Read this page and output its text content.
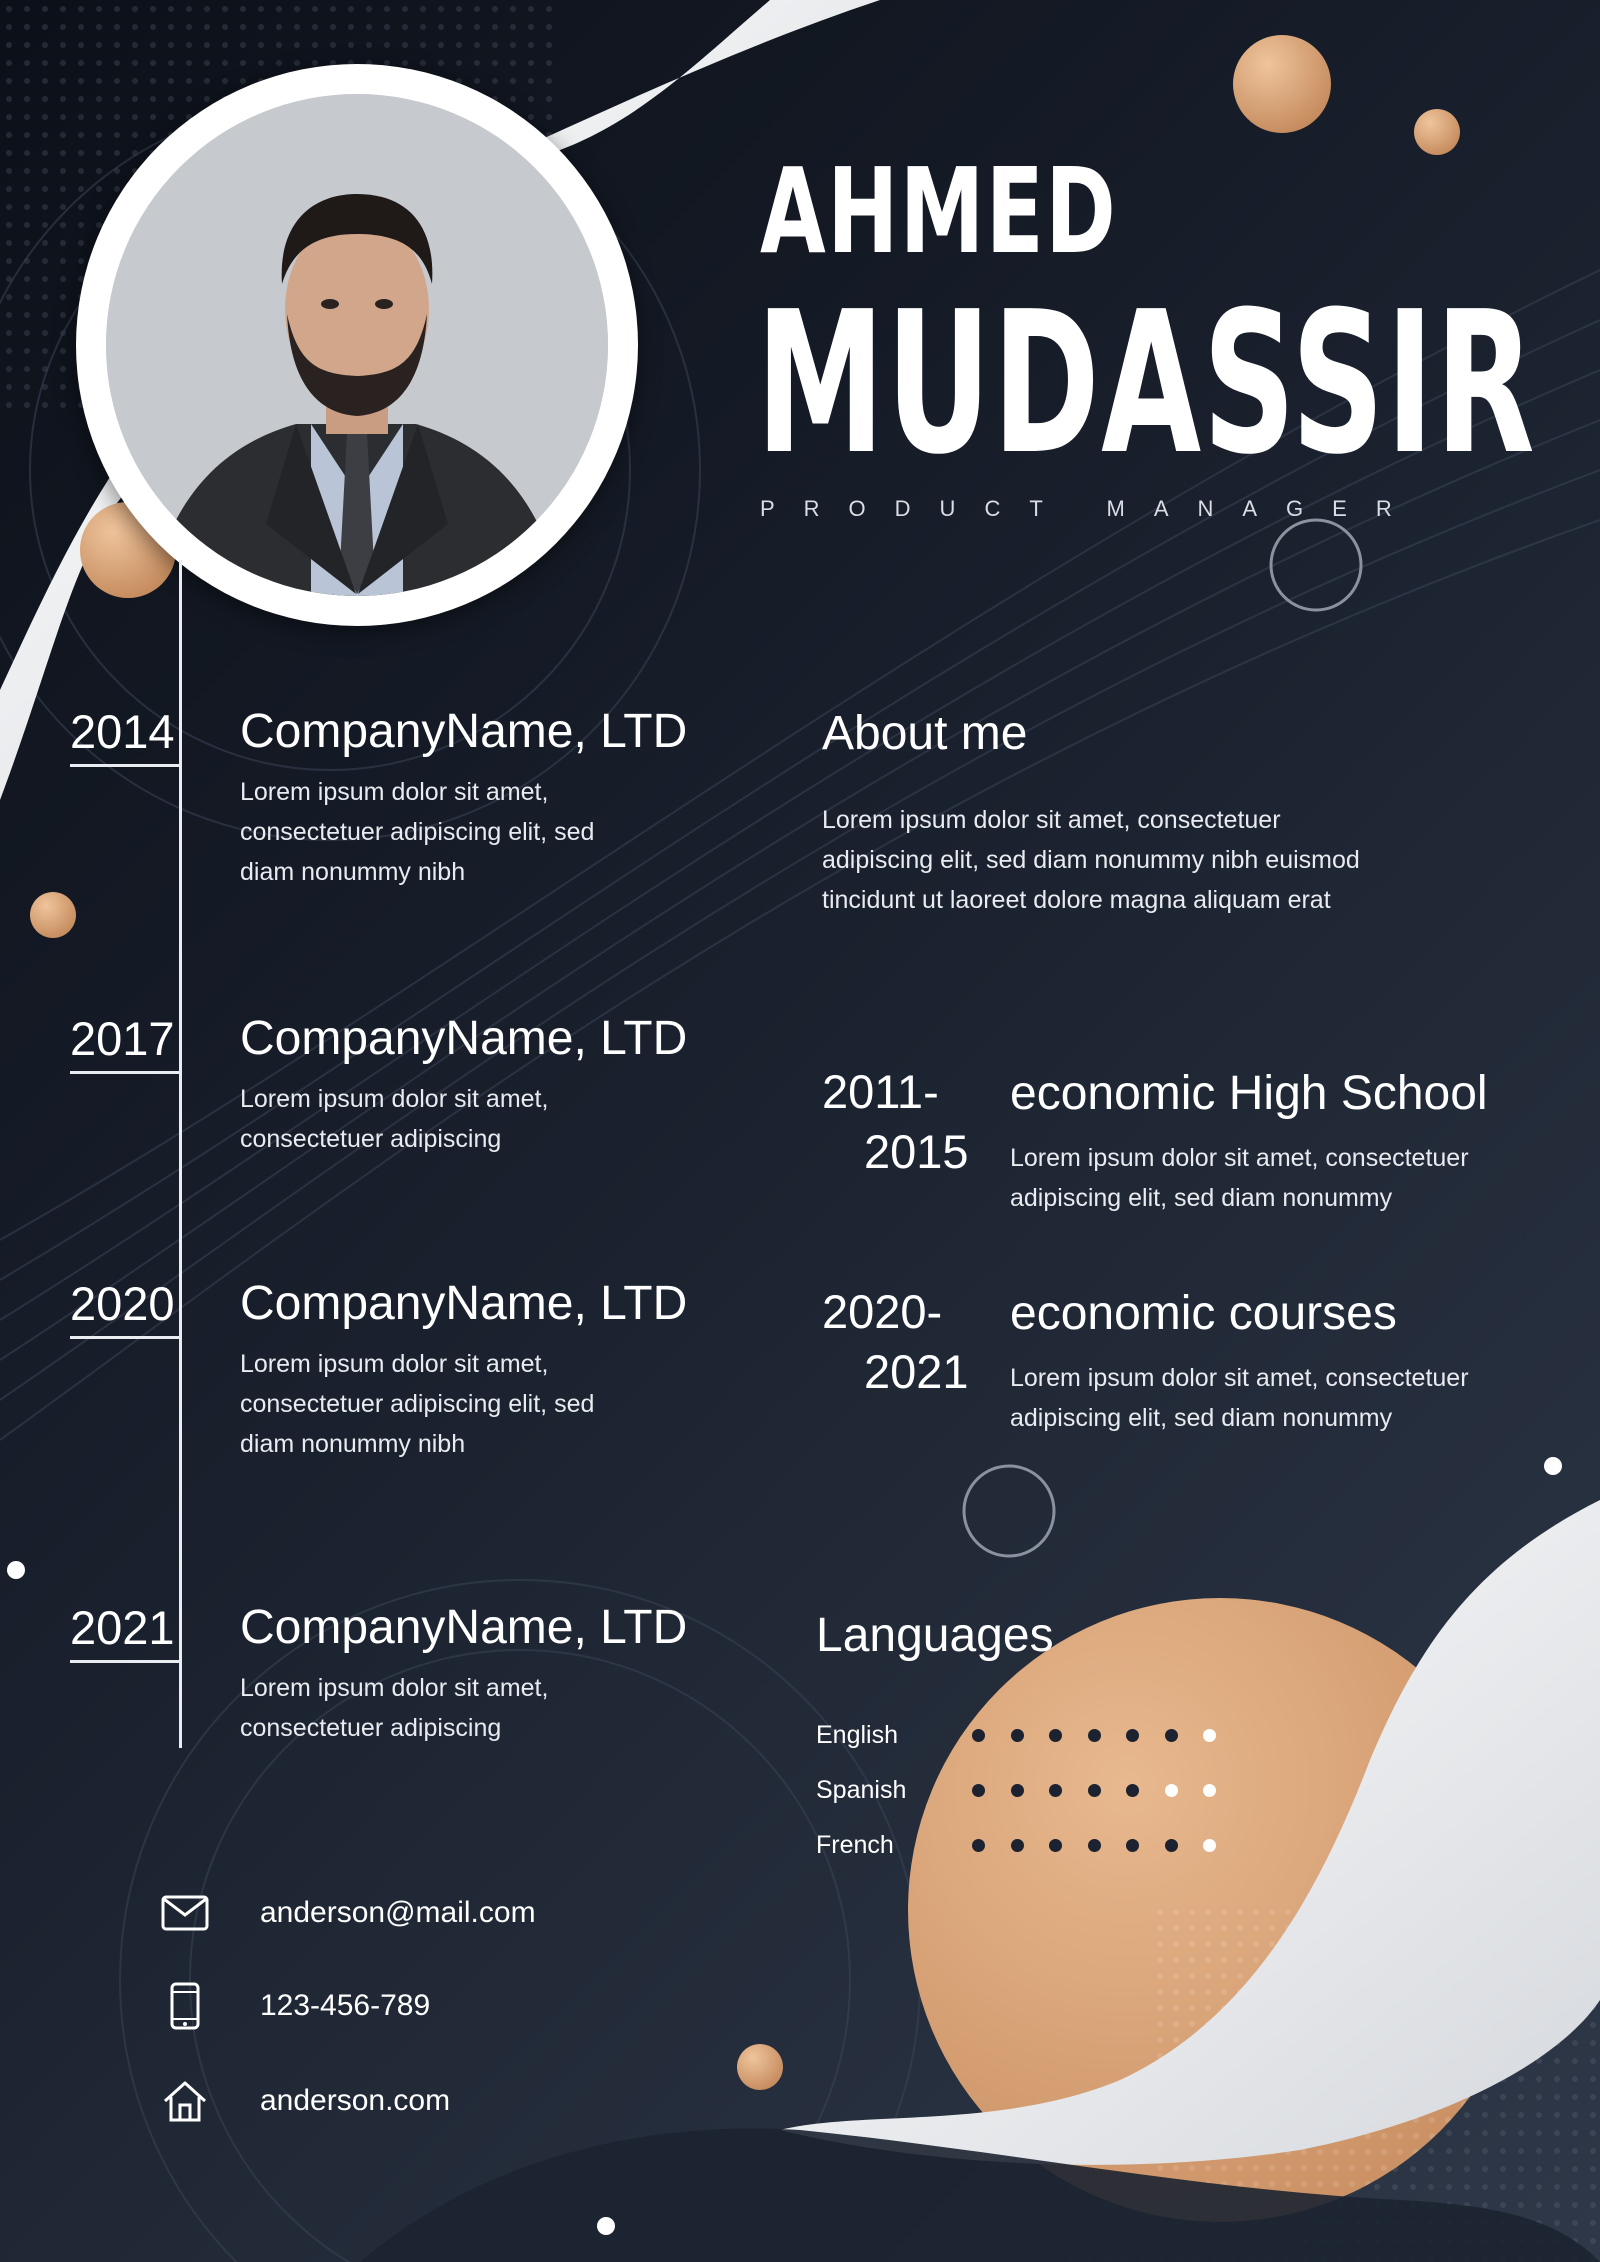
AHMED
MUDASSIR
PRODUCT MANAGER
2014 CompanyName, LTD
Lorem ipsum dolor sit amet,
consectetuer adipiscing elit, sed
diam nonummy nibh
2017 CompanyName, LTD
Lorem ipsum dolor sit amet,
consectetuer adipiscing
2020 CompanyName, LTD
Lorem ipsum dolor sit amet,
consectetuer adipiscing elit, sed
diam nonummy nibh
2021 CompanyName, LTD
Lorem ipsum dolor sit amet,
consectetuer adipiscing
About me
Lorem ipsum dolor sit amet, consectetuer
adipiscing elit, sed diam nonummy nibh euismod
tincidunt ut laoreet dolore magna aliquam erat
2011-
2015
economic High School
Lorem ipsum dolor sit amet, consectetuer
adipiscing elit, sed diam nonummy
2020-
2021
economic courses
Lorem ipsum dolor sit amet, consectetuer
adipiscing elit, sed diam nonummy
Languages
English
Spanish
French
anderson@mail.com
123-456-789
anderson.com
